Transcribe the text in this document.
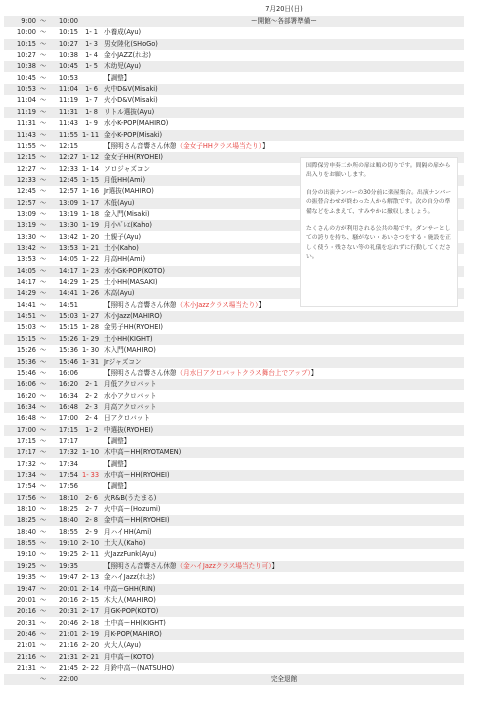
7月20日(日)
9:00 ～	10:00	ー開館～各部署準備ー
10:00 ～	10:15	1- 1 小養成(Ayu)
10:15 ～	10:27	1- 3 男女陸化(SHoGo)
10:27 ～	10:38	1- 4 金小JAZZ(れお)
10:38 ～	10:45	1- 5 木幼児(Ayu)
10:45 ～	10:53	【調整】
10:53 ～	11:04	1- 6 火中D&V(Misaki)
11:04 ～	11:19	1- 7 火小D&V(Misaki)
11:19 ～	11:31	1- 8 リトル選抜(Ayu)
11:31 ～	11:43	1- 9 水小K-POP(MAHIRO)
11:43 ～	11:55 1- 11 金小K-POP(Misaki)
11:55 ～	12:15	【照明さん音響さん休憩（金女子HHクラス場当たり）】
12:15 ～	12:27 1- 12 金女子HH(RYOHEI)
12:27 ～	12:33 1- 14 ソロジャズコン
12:33 ～	12:45 1- 15 月低HH(Ami)
12:45 ～	12:57 1- 16 Jr選抜(MAHIRO)
12:57 ～	13:09 1- 17 木低(Ayu)
13:09 ～	13:19 1- 18 金入門(Misaki)
13:19 ～	13:30 1- 19 月小ﾊﾞﾚｴ(Kaho)
13:30 ～	13:42 1- 20 土親子(Ayu)
13:42 ～	13:53 1- 21 土小(Kaho)
13:53 ～	14:05 1- 22 月高HH(Ami)
14:05 ～	14:17 1- 23 水小GK-POP(KOTO)
14:17 ～	14:29 1- 25 土小HH(MASAKI)
14:29 ～	14:41 1- 26 木高(Ayu)
14:41 ～	14:51	【照明さん音響さん休憩（木小Jazzクラス場当たり）】
14:51 ～	15:03 1- 27 木小Jazz(MAHIRO)
15:03 ～	15:15 1- 28 金男子HH(RYOHEI)
15:15 ～	15:26 1- 29 土小HH(KIGHT)
15:26 ～	15:36 1- 30 木入門(MAHIRO)
15:36 ～	15:46 1- 31 Jrジャズコン
15:46 ～	16:06	【照明さん音響さん休憩（月水日アクロバットクラス舞台上でアップ）】
16:06 ～	16:20	2- 1 月低アクロバット
16:20 ～	16:34	2- 2 水小アクロバット
16:34 ～	16:48	2- 3 月高アクロバット
16:48 ～	17:00	2- 4 日アクロバット
17:00 ～	17:15	1- 2 中選抜(RYOHEI)
17:15 ～	17:17	【調整】
17:17 ～	17:32 1- 10 木中高ーHH(RYOTAMEN)
17:32 ～	17:34	【調整】
17:34 ～	17:54 1- 33 水中高ーHH(RYOHEI)
17:54 ～	17:56	【調整】
17:56 ～	18:10	2- 6 火R&B(うたまる)
18:10 ～	18:25	2- 7 火中高ー(Hozumi)
18:25 ～	18:40	2- 8 金中高ーHH(RYOHEI)
18:40 ～	18:55	2- 9 月ハイHH(Ami)
18:55 ～	19:10 2- 10 土大人(Kaho)
19:10 ～	19:25 2- 11 火JazzFunk(Ayu)
19:25 ～	19:35	【照明さん音響さん休憩（金ハイJazzクラス場当たり可）】
19:35 ～	19:47 2- 13 金ハイJazz(れお)
19:47 ～	20:01 2- 14 中高ーGHH(RIN)
20:01 ～	20:16 2- 15 木大人(MAHIRO)
20:16 ～	20:31 2- 17 月GK-POP(KOTO)
20:31 ～	20:46 2- 18 土中高ーHH(KIGHT)
20:46 ～	21:01 2- 19 月K-POP(MAHIRO)
21:01 ～	21:16 2- 20 火大人(Ayu)
21:16 ～	21:31 2- 21 月中高ー(KOTO)
21:31 ～	21:45 2- 22 月鈴中高ー(NATSUHO)
～	22:00	完全退館

国際保労申奏二か所の扉は順の切りです。間隔の扉から出入りをお願いします。

自分の出演ナンバーの30分前に楽屋集合。出演ナンバーの振替合わせが終わった人から解散です。次の自分の準備などをふまえて、すみやかに撤収しましょう。

たくさんの方が利用される公共の場です。ダンサーとしての誇りを持ち、騒がない・あいさつをする・施設を正しく使う・残さない等の礼儀を忘れずに行動してください。
